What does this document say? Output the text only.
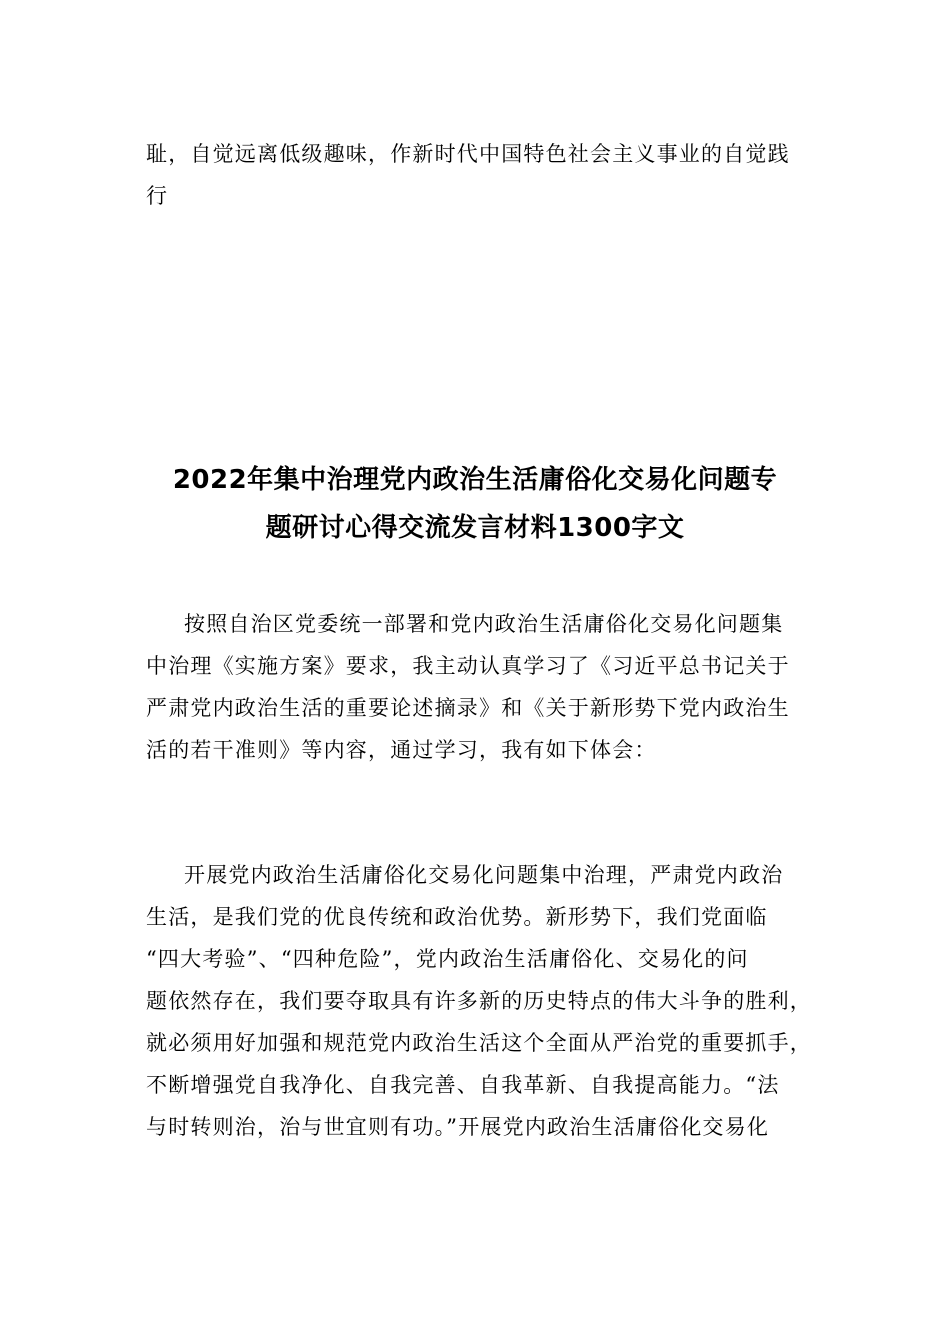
耻，自觉远离低级趣味，作新时代中国特色社会主义事业的自觉践
行
2022年集中治理党内政治生活庸俗化交易化问题专
题研讨心得交流发言材料1300字文
按照自治区党委统一部署和党内政治生活庸俗化交易化问题集
中治理《实施方案》要求，我主动认真学习了《习近平总书记关于
严肃党内政治生活的重要论述摘录》和《关于新形势下党内政治生
活的若干准则》等内容，通过学习，我有如下体会：
开展党内政治生活庸俗化交易化问题集中治理，严肃党内政治
生活，是我们党的优良传统和政治优势。新形势下，我们党面临
“四大考验”、“四种危险”，党内政治生活庸俗化、交易化的问
题依然存在，我们要夺取具有许多新的历史特点的伟大斗争的胜利，
就必须用好加强和规范党内政治生活这个全面从严治党的重要抓手，
不断增强党自我净化、自我完善、自我革新、自我提高能力。“法
与时转则治，治与世宜则有功。”开展党内政治生活庸俗化交易化
